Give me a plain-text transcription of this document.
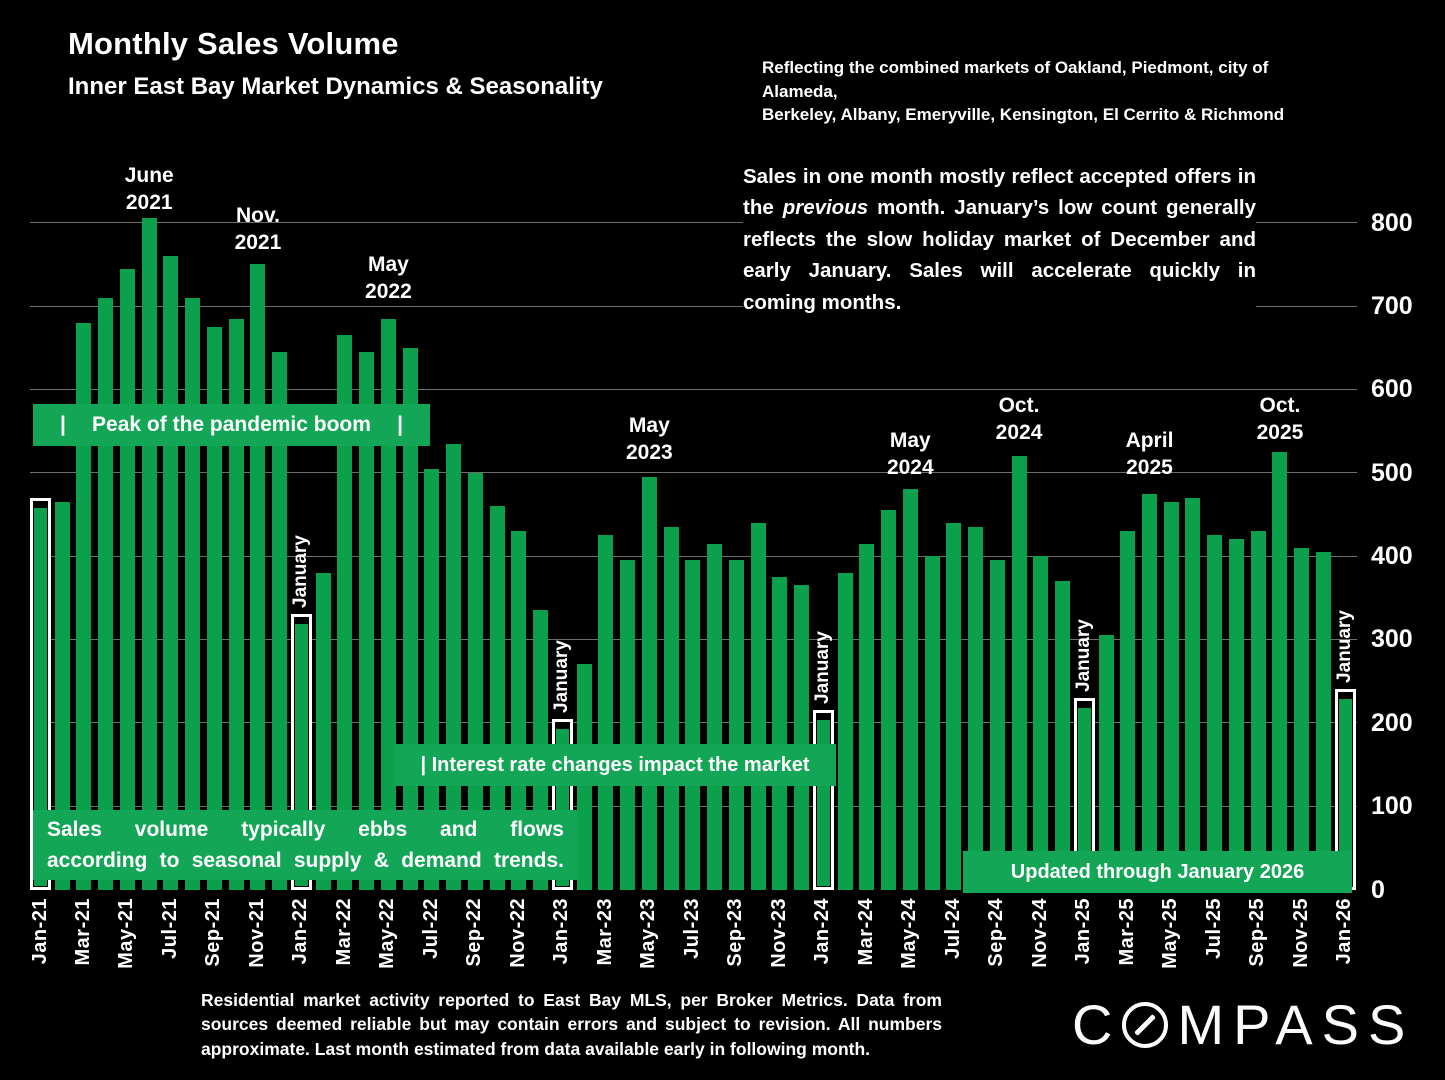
Monthly Sales Volume
Inner East Bay Market Dynamics & Seasonality
Reflecting the combined markets of Oakland, Piedmont, city of Alameda,
Berkeley, Albany, Emeryville, Kensington, El Cerrito & Richmond
Sales in one month mostly reflect accepted offers in the previous month. January’s low count generally reflects the slow holiday market of December and early January. Sales will accelerate quickly in coming months.
0
100
200
300
400
500
600
700
800
Jan-21 Mar-21 May-21 Jul-21 Sep-21 Nov-21 Jan-22 Mar-22 May-22 Jul-22 Sep-22 Nov-22 Jan-23 Mar-23 May-23 Jul-23 Sep-23 Nov-23 Jan-24 Mar-24 May-24 Jul-24 Sep-24 Nov-24 Jan-25 Mar-25 May-25 Jul-25 Sep-25 Nov-25 Jan-26
January
January	January	January	January
June
2021
Nov.
2021
May
2022
May
2023
May
2024
Oct.
2024	April
2025
Oct.
2025
| Peak of the pandemic boom |
| Interest rate changes impact the market
Sales volume typically ebbs and flows
according to seasonal supply & demand trends.	Updated through January 2026
Residential market activity reported to East Bay MLS, per Broker Metrics. Data from sources deemed reliable but may contain errors and subject to revision. All numbers approximate. Last month estimated from data available early in following month.	C MPASS
